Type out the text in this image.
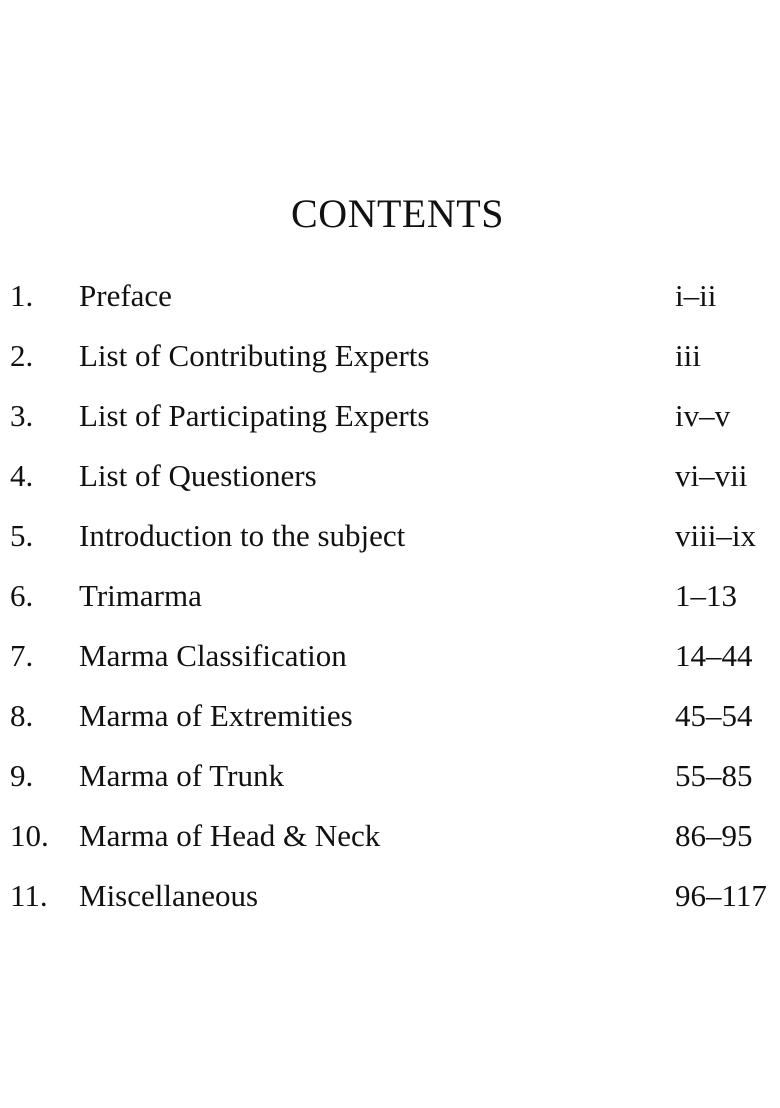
CONTENTS
1. Preface	i–ii
2. List of Contributing Experts	iii
3. List of Participating Experts	iv–v
4. List of Questioners	vi–vii
5. Introduction to the subject	viii–ix
6. Trimarma	1–13
7. Marma Classification	14–44
8. Marma of Extremities	45–54
9. Marma of Trunk	55–85
10. Marma of Head & Neck	86–95
11. Miscellaneous	96–117
